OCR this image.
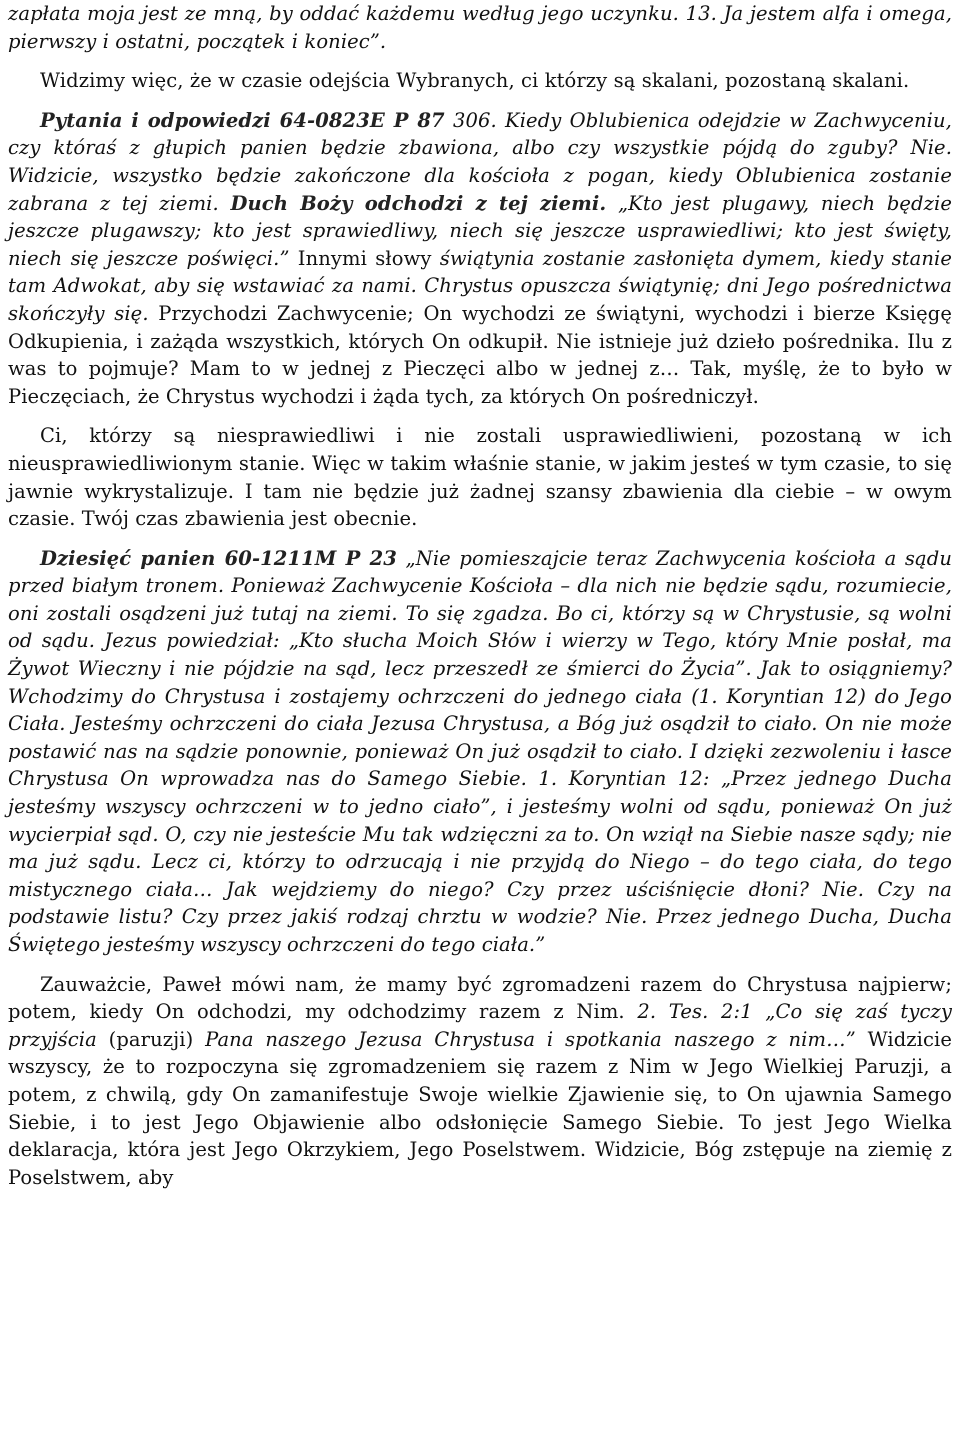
zapłata moja jest ze mną, by oddać każdemu według jego uczynku. 13. Ja jestem alfa i omega, pierwszy i ostatni, początek i koniec”.

Widzimy więc, że w czasie odejścia Wybranych, ci którzy są skalani, pozostaną skalani.

Pytania i odpowiedzi 64-0823E P 87 306. Kiedy Oblubienica odejdzie w Zachwyceniu, czy któraś z głupich panien będzie zbawiona, albo czy wszystkie pójdą do zguby? Nie. Widzicie, wszystko będzie zakończone dla kościoła z pogan, kiedy Oblubienica zostanie zabrana z tej ziemi. Duch Boży odchodzi z tej ziemi. „Kto jest plugawy, niech będzie jeszcze plugawszy; kto jest sprawiedliwy, niech się jeszcze usprawiedliwi; kto jest święty, niech się jeszcze poświęci.” Innymi słowy świątynia zostanie zasłonięta dymem, kiedy stanie tam Adwokat, aby się wstawiać za nami. Chrystus opuszcza świątynię; dni Jego pośrednictwa skończyły się. Przychodzi Zachwycenie; On wychodzi ze świątyni, wychodzi i bierze Księgę Odkupienia, i zażąda wszystkich, których On odkupił. Nie istnieje już dzieło pośrednika. Ilu z was to pojmuje? Mam to w jednej z Pieczęci albo w jednej z… Tak, myślę, że to było w Pieczęciach, że Chrystus wychodzi i żąda tych, za których On pośredniczył.

Ci, którzy są niesprawiedliwi i nie zostali usprawiedliwieni, pozostaną w ich nieusprawiedliwionym stanie. Więc w takim właśnie stanie, w jakim jesteś w tym czasie, to się jawnie wykrystalizuje. I tam nie będzie już żadnej szansy zbawienia dla ciebie – w owym czasie. Twój czas zbawienia jest obecnie.

Dziesięć panien 60-1211M P 23 „Nie pomieszajcie teraz Zachwycenia kościoła a sądu przed białym tronem. Ponieważ Zachwycenie Kościoła – dla nich nie będzie sądu, rozumiecie, oni zostali osądzeni już tutaj na ziemi. To się zgadza. Bo ci, którzy są w Chrystusie, są wolni od sądu. Jezus powiedział: „Kto słucha Moich Słów i wierzy w Tego, który Mnie posłał, ma Żywot Wieczny i nie pójdzie na sąd, lecz przeszedł ze śmierci do Życia”. Jak to osiągniemy? Wchodzimy do Chrystusa i zostajemy ochrzczeni do jednego ciała (1. Koryntian 12) do Jego Ciała. Jesteśmy ochrzczeni do ciała Jezusa Chrystusa, a Bóg już osądził to ciało. On nie może postawić nas na sądzie ponownie, ponieważ On już osądził to ciało. I dzięki zezwoleniu i łasce Chrystusa On wprowadza nas do Samego Siebie. 1. Koryntian 12: „Przez jednego Ducha jesteśmy wszyscy ochrzczeni w to jedno ciało”, i jesteśmy wolni od sądu, ponieważ On już wycierpiał sąd. O, czy nie jesteście Mu tak wdzięczni za to. On wziął na Siebie nasze sądy; nie ma już sądu. Lecz ci, którzy to odrzucają i nie przyjdą do Niego – do tego ciała, do tego mistycznego ciała… Jak wejdziemy do niego? Czy przez uściśnięcie dłoni? Nie. Czy na podstawie listu? Czy przez jakiś rodzaj chrztu w wodzie? Nie. Przez jednego Ducha, Ducha Świętego jesteśmy wszyscy ochrzczeni do tego ciała.”

Zauważcie, Paweł mówi nam, że mamy być zgromadzeni razem do Chrystusa najpierw; potem, kiedy On odchodzi, my odchodzimy razem z Nim. 2. Tes. 2:1 „Co się zaś tyczy przyjścia (paruzji) Pana naszego Jezusa Chrystusa i spotkania naszego z nim…” Widzicie wszyscy, że to rozpoczyna się zgromadzeniem się razem z Nim w Jego Wielkiej Paruzji, a potem, z chwilą, gdy On zamanifestuje Swoje wielkie Zjawienie się, to On ujawnia Samego Siebie, i to jest Jego Objawienie albo odsłonięcie Samego Siebie. To jest Jego Wielka deklaracja, która jest Jego Okrzykiem, Jego Poselstwem. Widzicie, Bóg zstępuje na ziemię z Poselstwem, aby
